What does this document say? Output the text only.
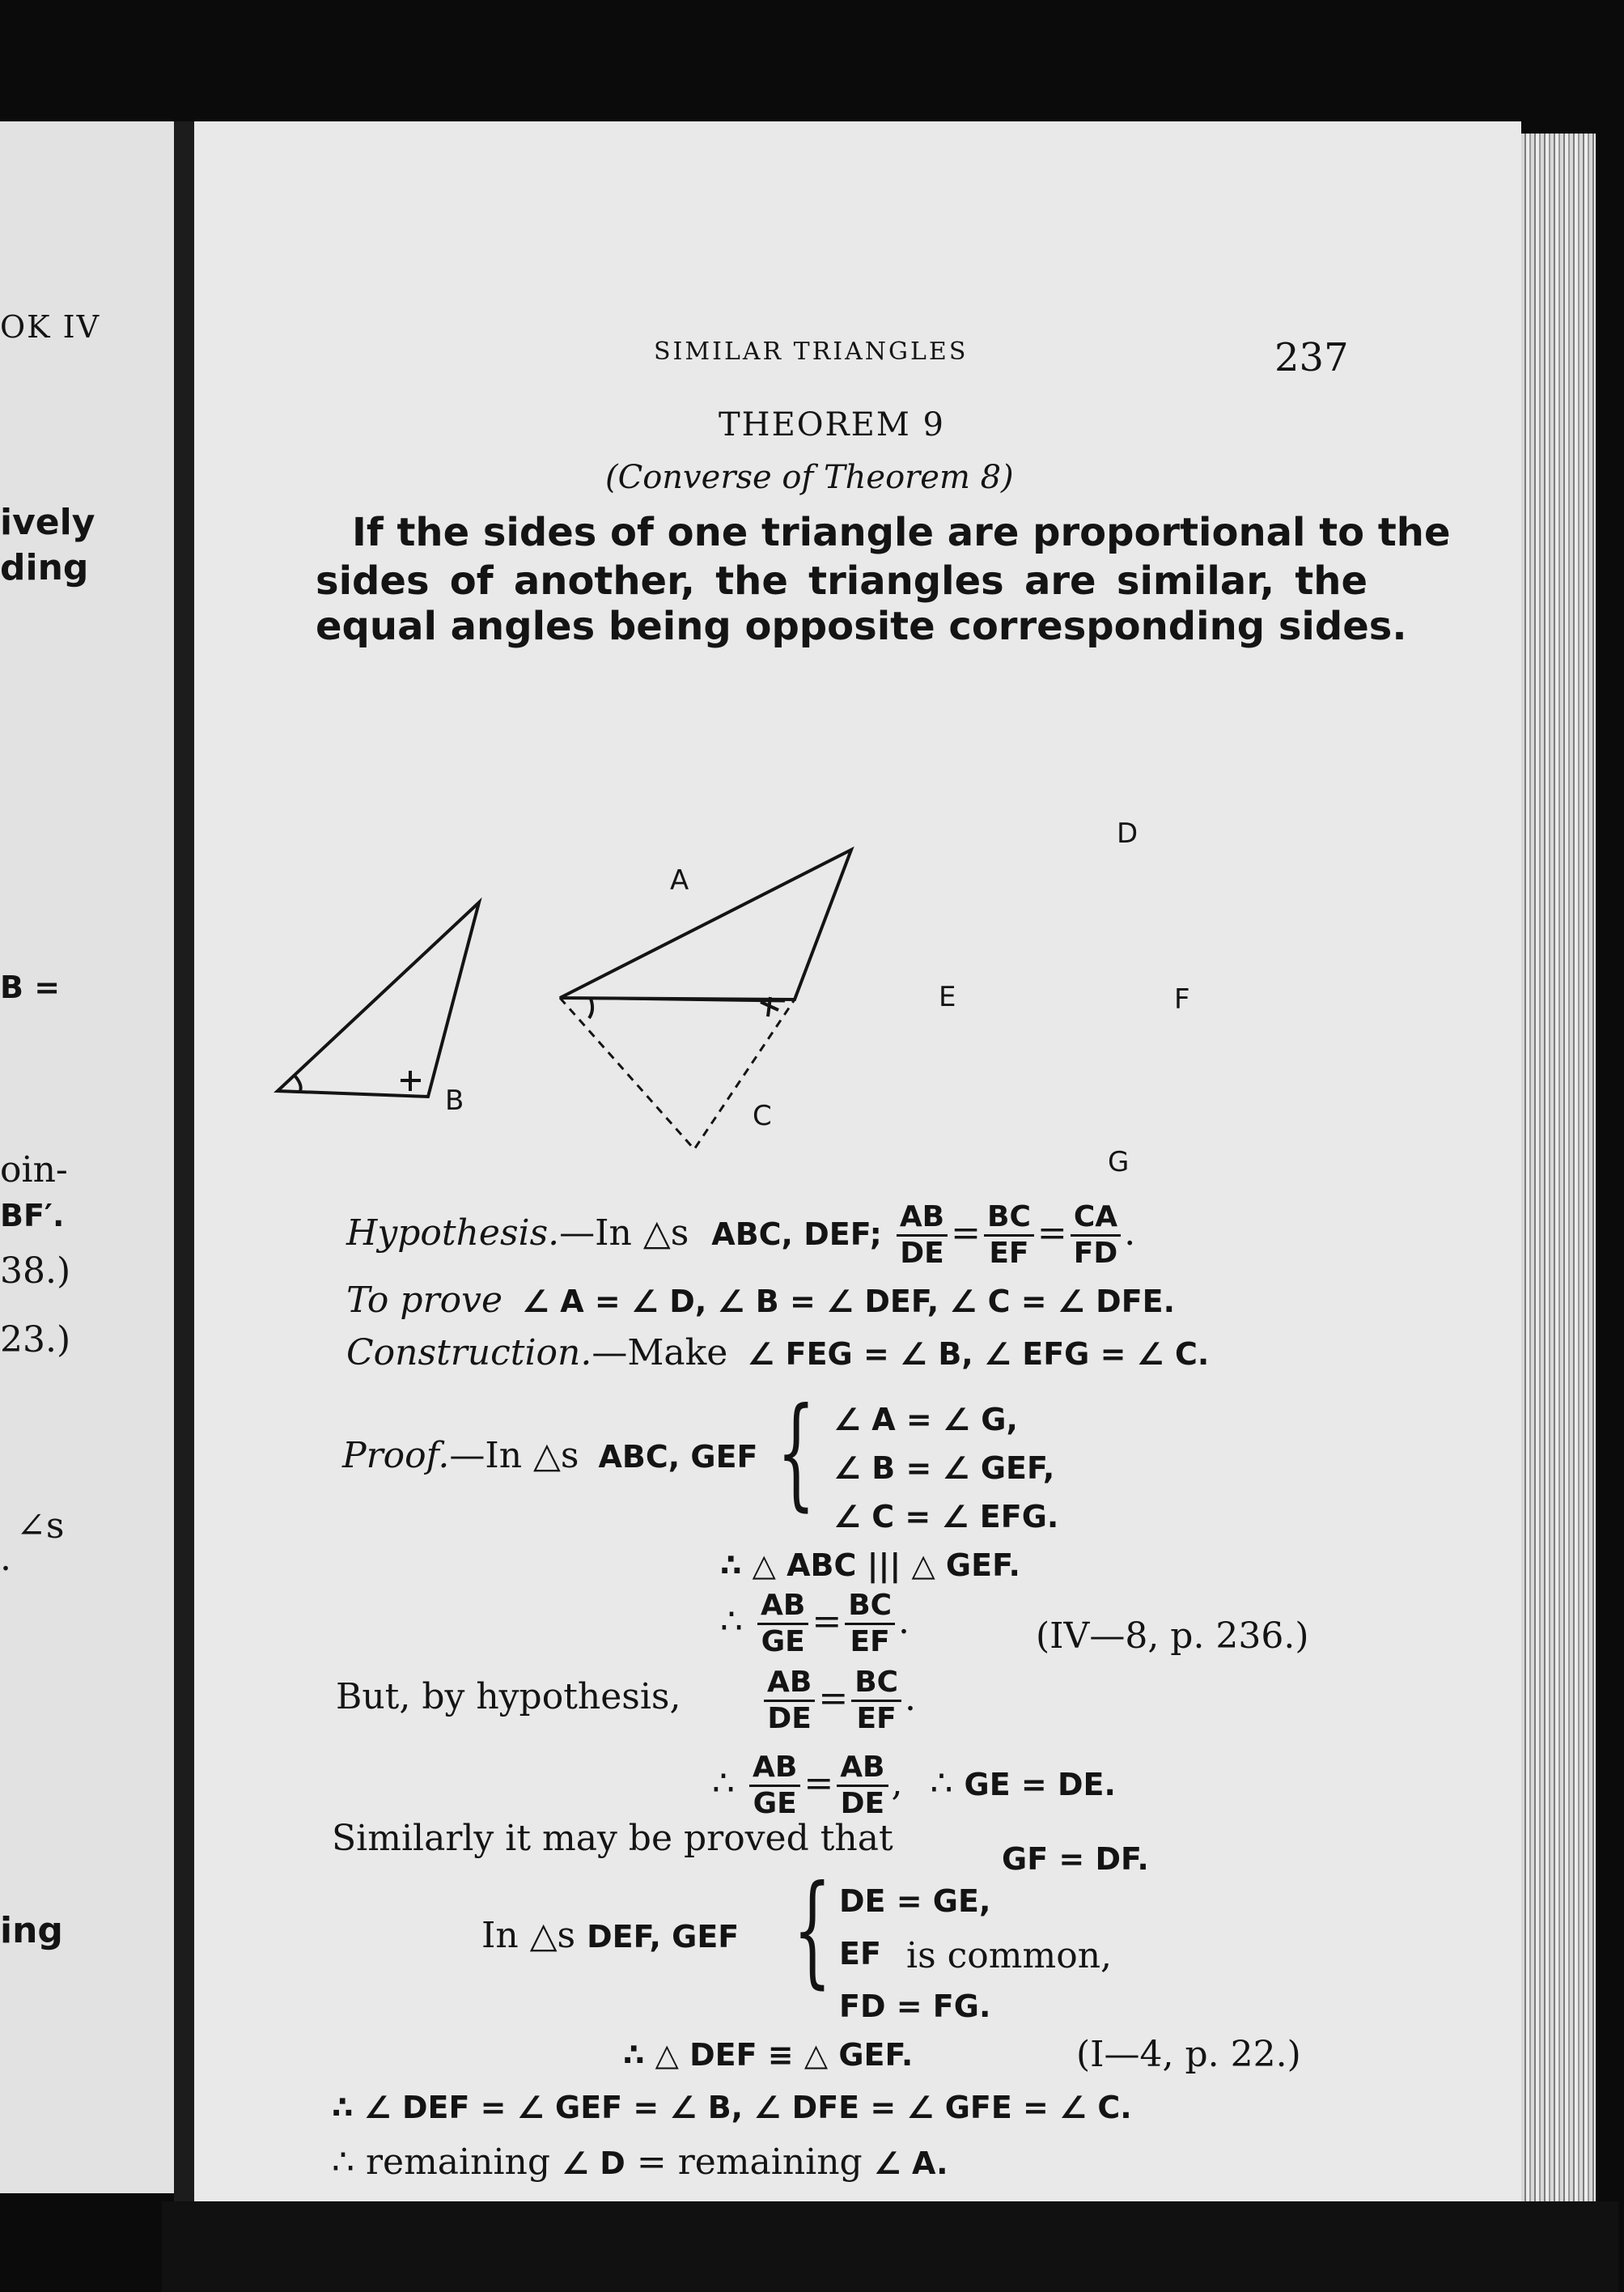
OK IV
ively
ding
B =
oin-
BF′.
38.)
23.)
∠s
.
ing
SIMILAR TRIANGLES	237
THEOREM 9
(Converse of Theorem 8)
If the sides of one triangle are proportional to the
sides of another, the triangles are similar, the
equal angles being opposite corresponding sides.
A
B	C
D
E	F
G
Hypothesis.—In △s ABC, DEF; $\frac{AB}{DE} = \frac{BC}{EF} = \frac{CA}{FD}$ .
To prove ∠ A = ∠ D, ∠ B = ∠ DEF, ∠ C = ∠ DFE.
Construction.—Make ∠ FEG = ∠ B, ∠ EFG = ∠ C.
Proof.—In △s ABC, GEF { ∠ A = ∠ G,
∠ B = ∠ GEF,
∠ C = ∠ EFG.
∴ △ ABC ||| △ GEF.
∴ $\frac{AB}{GE} = \frac{BC}{EF}$ .	(IV—8, p. 236.)
But, by hypothesis,	$\frac{AB}{DE} = \frac{BC}{EF}$ .
∴ $\frac{AB}{GE} = \frac{AB}{DE}$ , ∴ GE = DE.
Similarly it may be proved that	GF = DF.
In △s DEF, GEF { DE = GE,
EF is common,
FD = FG.
∴ △ DEF ≡ △ GEF.	(I—4, p. 22.)
∴ ∠ DEF = ∠ GEF = ∠ B, ∠ DFE = ∠ GFE = ∠ C.
∴ remaining ∠ D = remaining ∠ A.
